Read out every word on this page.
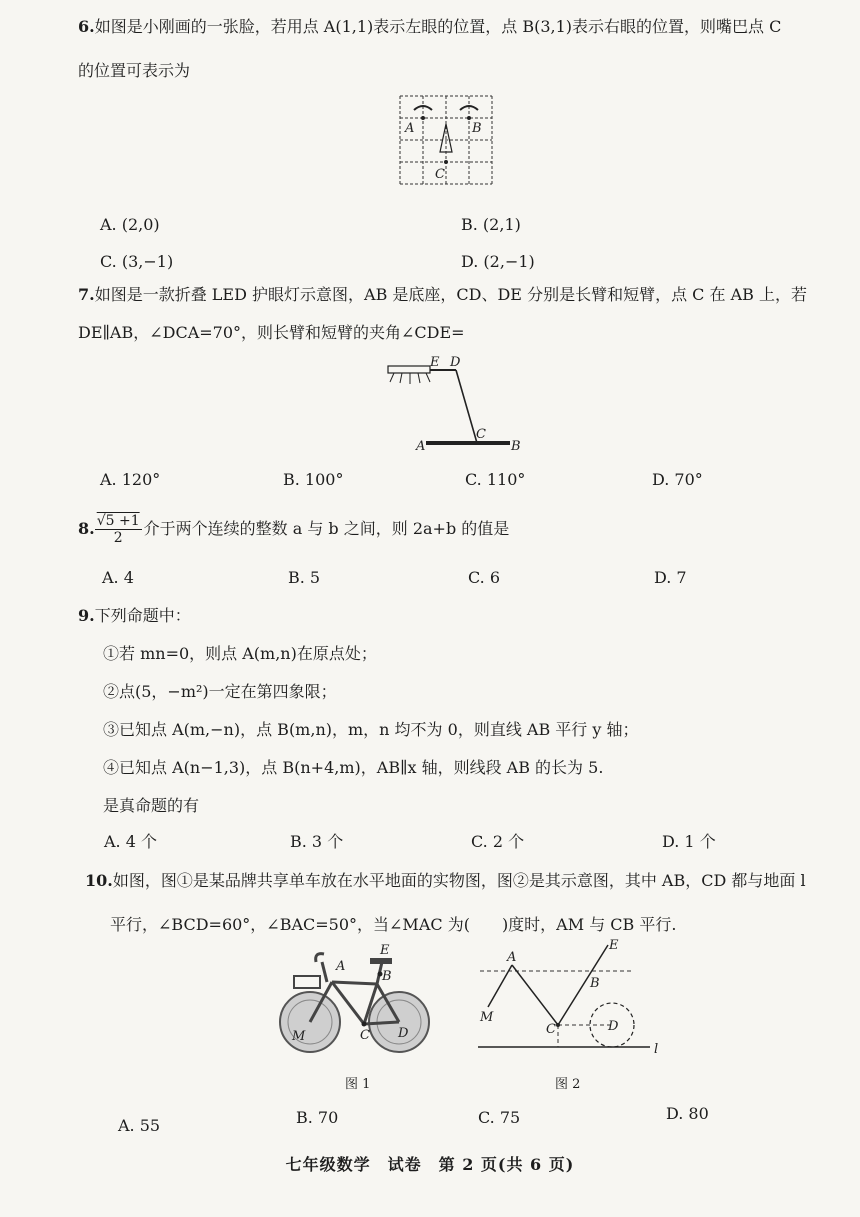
6.如图是小刚画的一张脸，若用点 A(1,1)表示左眼的位置，点 B(3,1)表示右眼的位置，则嘴巴点 C
的位置可表示为
A	B
C
A. (2,0)	B. (2,1)
C. (3,−1)	D. (2,−1)
7.如图是一款折叠 LED 护眼灯示意图，AB 是底座，CD、DE 分别是长臂和短臂，点 C 在 AB 上，若
DE∥AB，∠DCA=70°，则长臂和短臂的夹角∠CDE=
E D
A
C
B
A. 120°	B. 100°	C. 110°	D. 70°
8. $\frac{√5 +1}{2}$ 介于两个连续的整数 a 与 b 之间，则 2a+b 的值是
A. 4	B. 5	C. 6	D. 7
9.下列命题中：
①若 mn=0，则点 A(m,n)在原点处；
②点(5，−m²)一定在第四象限；
③已知点 A(m,−n)，点 B(m,n)，m，n 均不为 0，则直线 AB 平行 y 轴；
④已知点 A(n−1,3)，点 B(n+4,m)，AB∥x 轴，则线段 AB 的长为 5.
是真命题的有
A. 4 个	B. 3 个	C. 2 个	D. 1 个
10.如图，图①是某品牌共享单车放在水平地面的实物图，图②是其示意图，其中 AB，CD 都与地面 l
平行，∠BCD=60°，∠BAC=50°，当∠MAC 为(　　)度时，AM 与 CB 平行.
A
B
E
C D
M
图 1
A
B
E
C	D
M
l
图 2
A. 55	B. 70	C. 75	D. 80
七年级数学　试卷　第 2 页(共 6 页)
